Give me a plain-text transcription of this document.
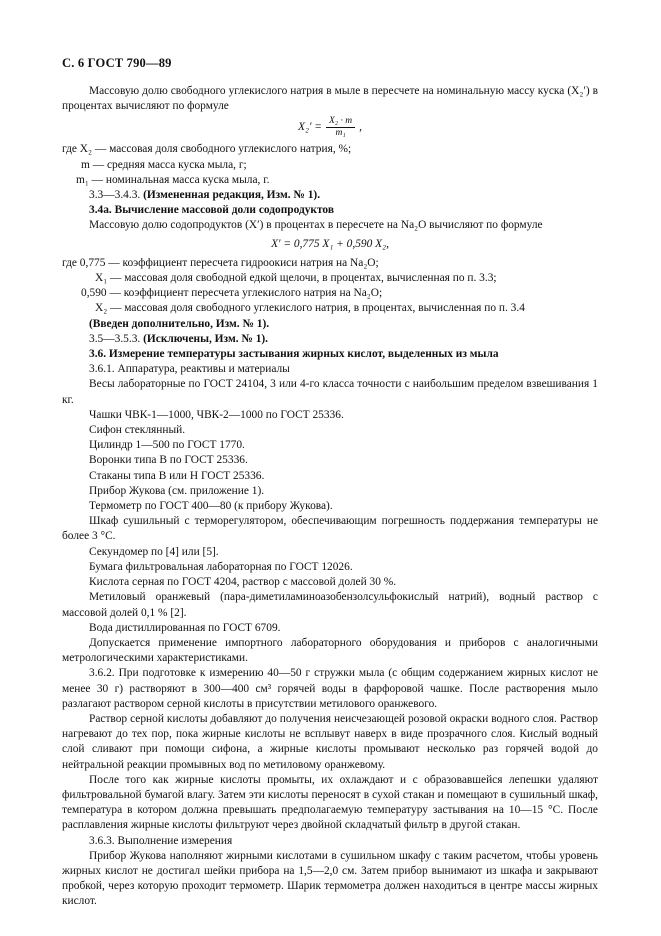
С. 6 ГОСТ 790—89

Массовую долю свободного углекислого натрия в мыле в пересчете на номинальную массу куска (X₂′) в процентах вычисляют по формуле

$X_2' = \frac{\text{X₂ · m}}{\text{m₁}}$ ,

где X₂ — массовая доля свободного углекислого натрия, %;

m — средняя масса куска мыла, г;

m₁ — номинальная масса куска мыла, г.

3.3—3.4.3. (Измененная редакция, Изм. № 1).

3.4а. Вычисление массовой доли содопродуктов

Массовую долю содопродуктов (X′) в процентах в пересчете на Na₂O вычисляют по формуле

X′ = 0,775 X₁ + 0,590 X₂,

где 0,775 — коэффициент пересчета гидроокиси натрия на Na₂O;

X₁ — массовая доля свободной едкой щелочи, в процентах, вычисленная по п. 3.3;

0,590 — коэффициент пересчета углекислого натрия на Na₂O;

X₂ — массовая доля свободного углекислого натрия, в процентах, вычисленная по п. 3.4

(Введен дополнительно, Изм. № 1).

3.5—3.5.3. (Исключены, Изм. № 1).

3.6. Измерение температуры застывания жирных кислот, выделенных из мыла

3.6.1. Аппаратура, реактивы и материалы

Весы лабораторные по ГОСТ 24104, 3 или 4-го класса точности с наибольшим пределом взвешивания 1 кг.

Чашки ЧВК-1—1000, ЧВК-2—1000 по ГОСТ 25336.

Сифон стеклянный.

Цилиндр 1—500 по ГОСТ 1770.

Воронки типа В по ГОСТ 25336.

Стаканы типа В или Н ГОСТ 25336.

Прибор Жукова (см. приложение 1).

Термометр по ГОСТ 400—80 (к прибору Жукова).

Шкаф сушильный с терморегулятором, обеспечивающим погрешность поддержания температуры не более 3 °С.

Секундомер по [4] или [5].

Бумага фильтровальная лабораторная по ГОСТ 12026.

Кислота серная по ГОСТ 4204, раствор с массовой долей 30 %.

Метиловый оранжевый (пара-диметиламиноазобензолсульфокислый натрий), водный раствор с массовой долей 0,1 % [2].

Вода дистиллированная по ГОСТ 6709.

Допускается применение импортного лабораторного оборудования и приборов с аналогичными метрологическими характеристиками.

3.6.2. При подготовке к измерению 40—50 г стружки мыла (с общим содержанием жирных кислот не менее 30 г) растворяют в 300—400 см³ горячей воды в фарфоровой чашке. После растворения мыло разлагают раствором серной кислоты в присутствии метилового оранжевого.

Раствор серной кислоты добавляют до получения неисчезающей розовой окраски водного слоя. Раствор нагревают до тех пор, пока жирные кислоты не всплывут наверх в виде прозрачного слоя. Кислый водный слой сливают при помощи сифона, а жирные кислоты промывают несколько раз горячей водой до нейтральной реакции промывных вод по метиловому оранжевому.

После того как жирные кислоты промыты, их охлаждают и с образовавшейся лепешки удаляют фильтровальной бумагой влагу. Затем эти кислоты переносят в сухой стакан и помещают в сушильный шкаф, температура в котором должна превышать предполагаемую температуру застывания на 10—15 °С. После расплавления жирные кислоты фильтруют через двойной складчатый фильтр в другой стакан.

3.6.3. Выполнение измерения

Прибор Жукова наполняют жирными кислотами в сушильном шкафу с таким расчетом, чтобы уровень жирных кислот не достигал шейки прибора на 1,5—2,0 см. Затем прибор вынимают из шкафа и закрывают пробкой, через которую проходит термометр. Шарик термометра должен находиться в центре массы жирных кислот.
